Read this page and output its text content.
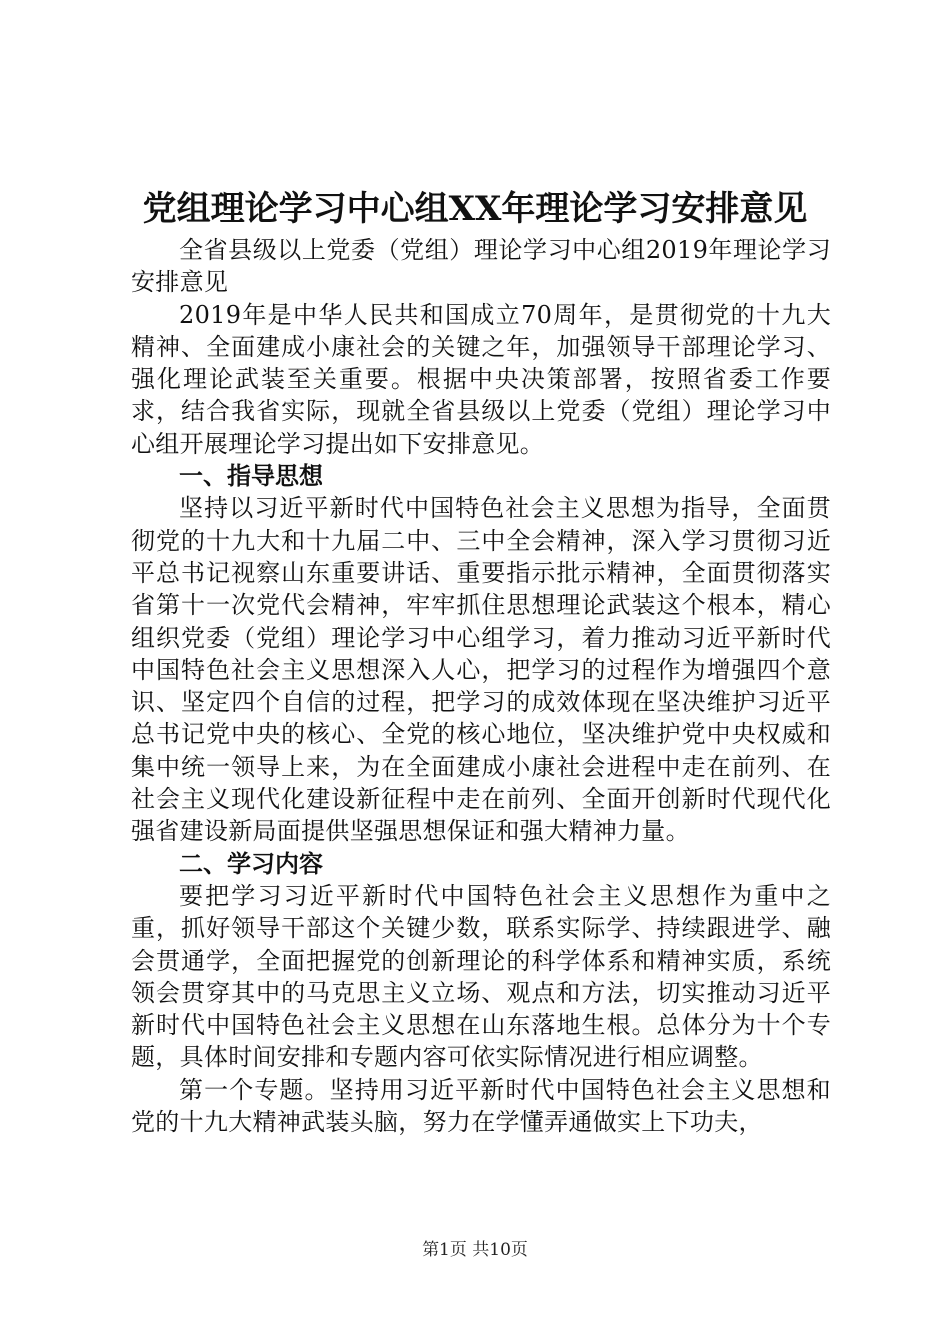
党组理论学习中心组XX年理论学习安排意见

全省县级以上党委（党组）理论学习中心组2019年理论学习安排意见

2019年是中华人民共和国成立70周年，是贯彻党的十九大精神、全面建成小康社会的关键之年，加强领导干部理论学习、强化理论武装至关重要。根据中央决策部署，按照省委工作要求，结合我省实际，现就全省县级以上党委（党组）理论学习中心组开展理论学习提出如下安排意见。

一、指导思想

坚持以习近平新时代中国特色社会主义思想为指导，全面贯彻党的十九大和十九届二中、三中全会精神，深入学习贯彻习近平总书记视察山东重要讲话、重要指示批示精神，全面贯彻落实省第十一次党代会精神，牢牢抓住思想理论武装这个根本，精心组织党委（党组）理论学习中心组学习，着力推动习近平新时代中国特色社会主义思想深入人心，把学习的过程作为增强四个意识、坚定四个自信的过程，把学习的成效体现在坚决维护习近平总书记党中央的核心、全党的核心地位，坚决维护党中央权威和集中统一领导上来，为在全面建成小康社会进程中走在前列、在社会主义现代化建设新征程中走在前列、全面开创新时代现代化强省建设新局面提供坚强思想保证和强大精神力量。

二、学习内容

要把学习习近平新时代中国特色社会主义思想作为重中之重，抓好领导干部这个关键少数，联系实际学、持续跟进学、融会贯通学，全面把握党的创新理论的科学体系和精神实质，系统领会贯穿其中的马克思主义立场、观点和方法，切实推动习近平新时代中国特色社会主义思想在山东落地生根。总体分为十个专题，具体时间安排和专题内容可依实际情况进行相应调整。

第一个专题。坚持用习近平新时代中国特色社会主义思想和党的十九大精神武装头脑，努力在学懂弄通做实上下功夫，

第1页 共10页
